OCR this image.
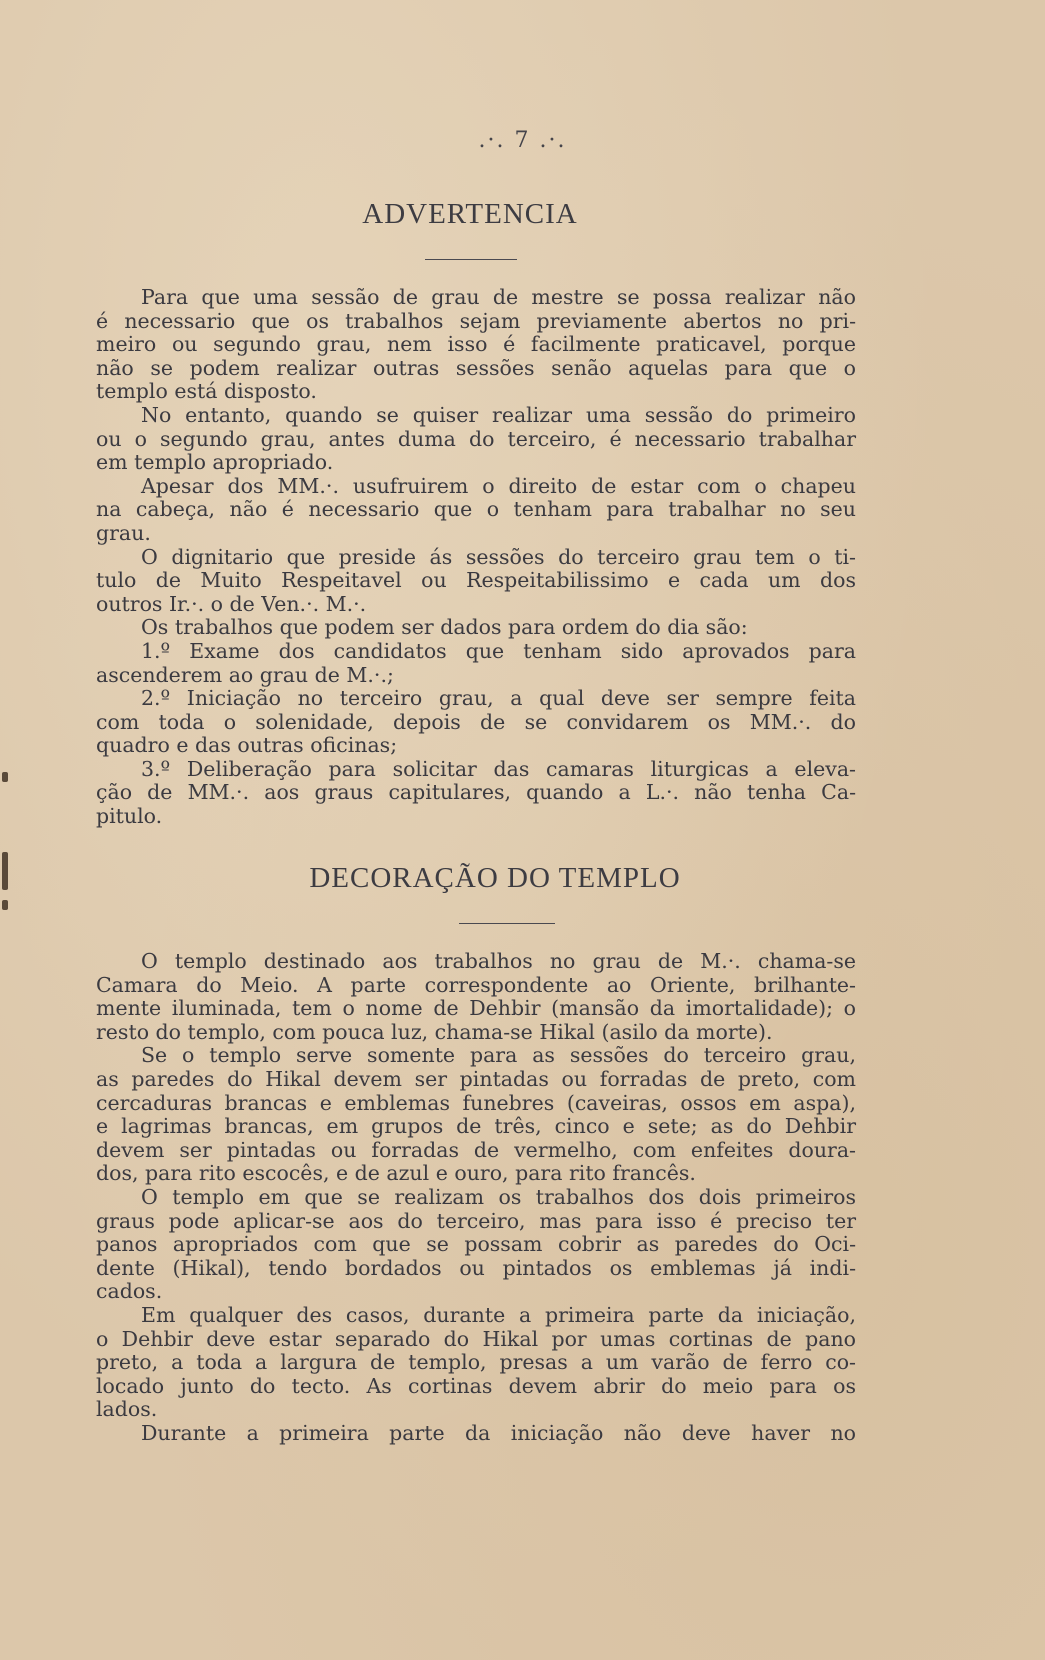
.·. 7 .·.
ADVERTENCIA
Para que uma sessão de grau de mestre se possa realizar não
é necessario que os trabalhos sejam previamente abertos no pri-
meiro ou segundo grau, nem isso é facilmente praticavel, porque
não se podem realizar outras sessões senão aquelas para que o
templo está disposto.
No entanto, quando se quiser realizar uma sessão do primeiro
ou o segundo grau, antes duma do terceiro, é necessario trabalhar
em templo apropriado.
Apesar dos MM.·. usufruirem o direito de estar com o chapeu
na cabeça, não é necessario que o tenham para trabalhar no seu
grau.
O dignitario que preside ás sessões do terceiro grau tem o ti-
tulo de Muito Respeitavel ou Respeitabilissimo e cada um dos
outros Ir.·. o de Ven.·. M.·.
Os trabalhos que podem ser dados para ordem do dia são:
1.º Exame dos candidatos que tenham sido aprovados para
ascenderem ao grau de M.·.;
2.º Iniciação no terceiro grau, a qual deve ser sempre feita
com toda o solenidade, depois de se convidarem os MM.·. do
quadro e das outras oficinas;
3.º Deliberação para solicitar das camaras liturgicas a eleva-
ção de MM.·. aos graus capitulares, quando a L.·. não tenha Ca-
pitulo.
DECORAÇÃO DO TEMPLO
O templo destinado aos trabalhos no grau de M.·. chama-se
Camara do Meio. A parte correspondente ao Oriente, brilhante-
mente iluminada, tem o nome de Dehbir (mansão da imortalidade); o
resto do templo, com pouca luz, chama-se Hikal (asilo da morte).
Se o templo serve somente para as sessões do terceiro grau,
as paredes do Hikal devem ser pintadas ou forradas de preto, com
cercaduras brancas e emblemas funebres (caveiras, ossos em aspa),
e lagrimas brancas, em grupos de três, cinco e sete; as do Dehbir
devem ser pintadas ou forradas de vermelho, com enfeites doura-
dos, para rito escocês, e de azul e ouro, para rito francês.
O templo em que se realizam os trabalhos dos dois primeiros
graus pode aplicar-se aos do terceiro, mas para isso é preciso ter
panos apropriados com que se possam cobrir as paredes do Oci-
dente (Hikal), tendo bordados ou pintados os emblemas já indi-
cados.
Em qualquer des casos, durante a primeira parte da iniciação,
o Dehbir deve estar separado do Hikal por umas cortinas de pano
preto, a toda a largura de templo, presas a um varão de ferro co-
locado junto do tecto. As cortinas devem abrir do meio para os
lados.
Durante a primeira parte da iniciação não deve haver no
